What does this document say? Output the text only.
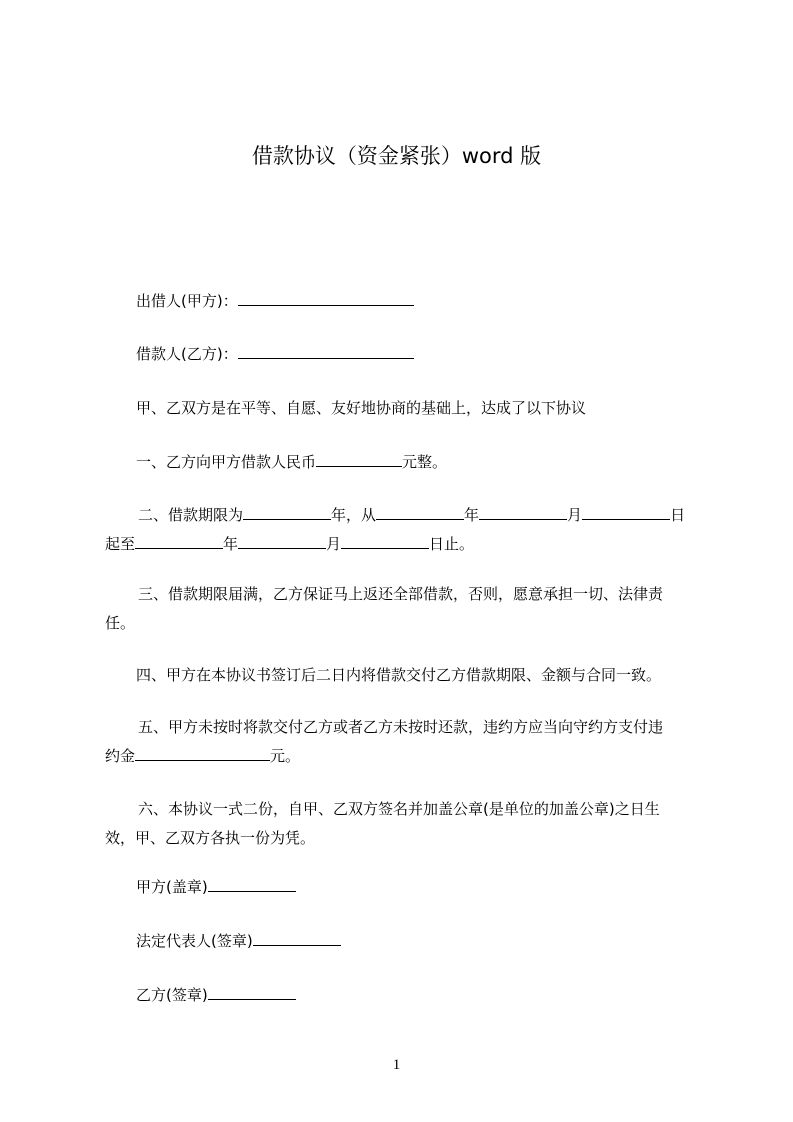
借款协议（资金紧张）word 版
出借人(甲方)：
借款人(乙方)：
甲、乙双方是在平等、自愿、友好地协商的基础上，达成了以下协议
一、乙方向甲方借款人民币	元整。
二、借款期限为	年，从	年	月	日
起至	年	月	日止。
三、借款期限届满，乙方保证马上返还全部借款，否则，愿意承担一切、法律责
任。
四、甲方在本协议书签订后二日内将借款交付乙方借款期限、金额与合同一致。
五、甲方未按时将款交付乙方或者乙方未按时还款，违约方应当向守约方支付违
约金	元。
六、本协议一式二份，自甲、乙双方签名并加盖公章(是单位的加盖公章)之日生
效，甲、乙双方各执一份为凭。
甲方(盖章)
法定代表人(签章)
乙方(签章)
1
